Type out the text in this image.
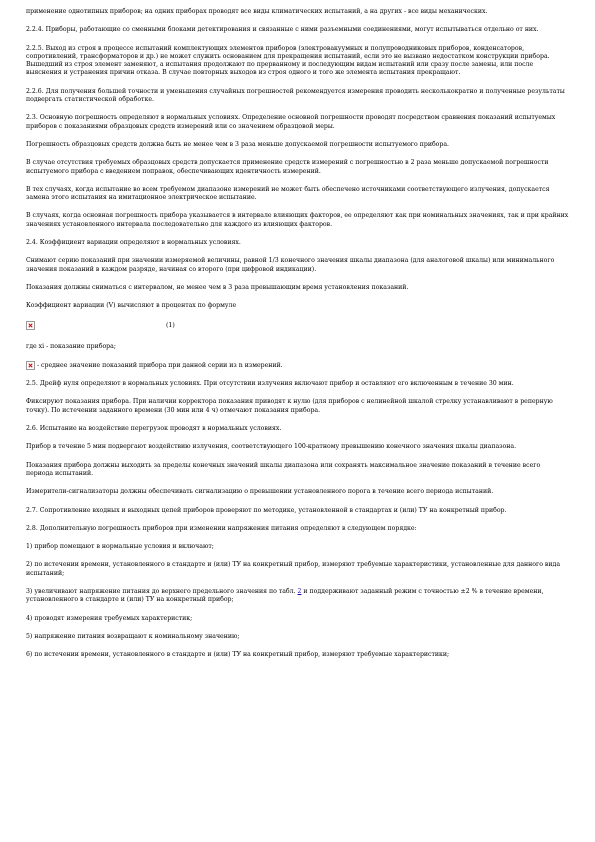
применение однотипных приборов; на одних приборах проводят все виды климатических испытаний, а на других - все виды механических.

2.2.4. Приборы, работающие со сменными блоками детектирования и связанные с ними разъемными соединениями, могут испытываться отдельно от них.

2.2.5. Выход из строя в процессе испытаний комплектующих элементов приборов (электровакуумных и полупроводниковых приборов, конденсаторов, сопротивлений, трансформаторов и др.) не может служить основанием для прекращения испытаний, если это не вызвано недостатком конструкции прибора. Вышедший из строя элемент заменяют, а испытания продолжают по прерванному и последующим видам испытаний или сразу после замены, или после выяснения и устранения причин отказа. В случае повторных выходов из строя одного и того же элемента испытания прекращают.

2.2.6. Для получения большей точности и уменьшения случайных погрешностей рекомендуется измерения проводить несколькократно и полученные результаты подвергать статистической обработке.

2.3. Основную погрешность определяют в нормальных условиях. Определение основной погрешности проводят посредством сравнения показаний испытуемых приборов с показаниями образцовых средств измерений или со значением образцовой меры.

Погрешность образцовых средств должна быть не менее чем в 3 раза меньше допускаемой погрешности испытуемого прибора.

В случае отсутствия требуемых образцовых средств допускается применение средств измерений с погрешностью в 2 раза меньше допускаемой погрешности испытуемого прибора с введением поправок, обеспечивающих идентичность измерений.

В тех случаях, когда испытание во всем требуемом диапазоне измерений не может быть обеспечено источниками соответствующего излучения, допускается замена этого испытания на имитационное электрическое испытание.

В случаях, когда основная погрешность прибора указывается в интервале влияющих факторов, ее определяют как при номинальных значениях, так и при крайних значениях установленного интервала последовательно для каждого из влияющих факторов.

2.4. Коэффициент вариации определяют в нормальных условиях.

Снимают серию показаний при значении измеряемой величины, равной 1/3 конечного значения шкалы диапазона (для аналоговой шкалы) или минимального значения показаний в каждом разряде, начиная со второго (при цифровой индикации).

Показания должны сниматься с интервалом, не менее чем в 3 раза превышающим время установления показаний.

Коэффициент вариации (V) вычисляют в процентах по формуле

(1)

где xi - показание прибора;

- среднее значение показаний прибора при данной серии из n измерений.

2.5. Дрейф нуля определяют в нормальных условиях. При отсутствии излучения включают прибор и оставляют его включенным в течение 30 мин.

Фиксируют показания прибора. При наличии корректора показания приводят к нулю (для приборов с нелинейной шкалой стрелку устанавливают в реперную точку). По истечении заданного времени (30 мин или 4 ч) отмечают показания прибора.

2.6. Испытание на воздействие перегрузок проводят в нормальных условиях.

Прибор в течение 5 мин подвергают воздействию излучения, соответствующего 100-кратному превышению конечного значения шкалы диапазона.

Показания прибора должны выходить за пределы конечных значений шкалы диапазона или сохранять максимальное значение показаний в течение всего периода испытаний.

Измерители-сигнализаторы должны обеспечивать сигнализацию о превышении установленного порога в течение всего периода испытаний.

2.7. Сопротивление входных и выходных цепей приборов проверяют по методике, установленной в стандартах и (или) ТУ на конкретный прибор.

2.8. Дополнительную погрешность приборов при изменении напряжения питания определяют в следующем порядке:

1) прибор помещают в нормальные условия и включают;

2) по истечении времени, установленного в стандарте и (или) ТУ на конкретный прибор, измеряют требуемые характеристики, установленные для данного вида испытаний;

3) увеличивают напряжение питания до верхнего предельного значения по табл. 2 и поддерживают заданный режим с точностью ±2 % в течение времени, установленного в стандарте и (или) ТУ на конкретный прибор;

4) проводят измерения требуемых характеристик;

5) напряжение питания возвращают к номинальному значению;

6) по истечении времени, установленного в стандарте и (или) ТУ на конкретный прибор, измеряют требуемые характеристики;
